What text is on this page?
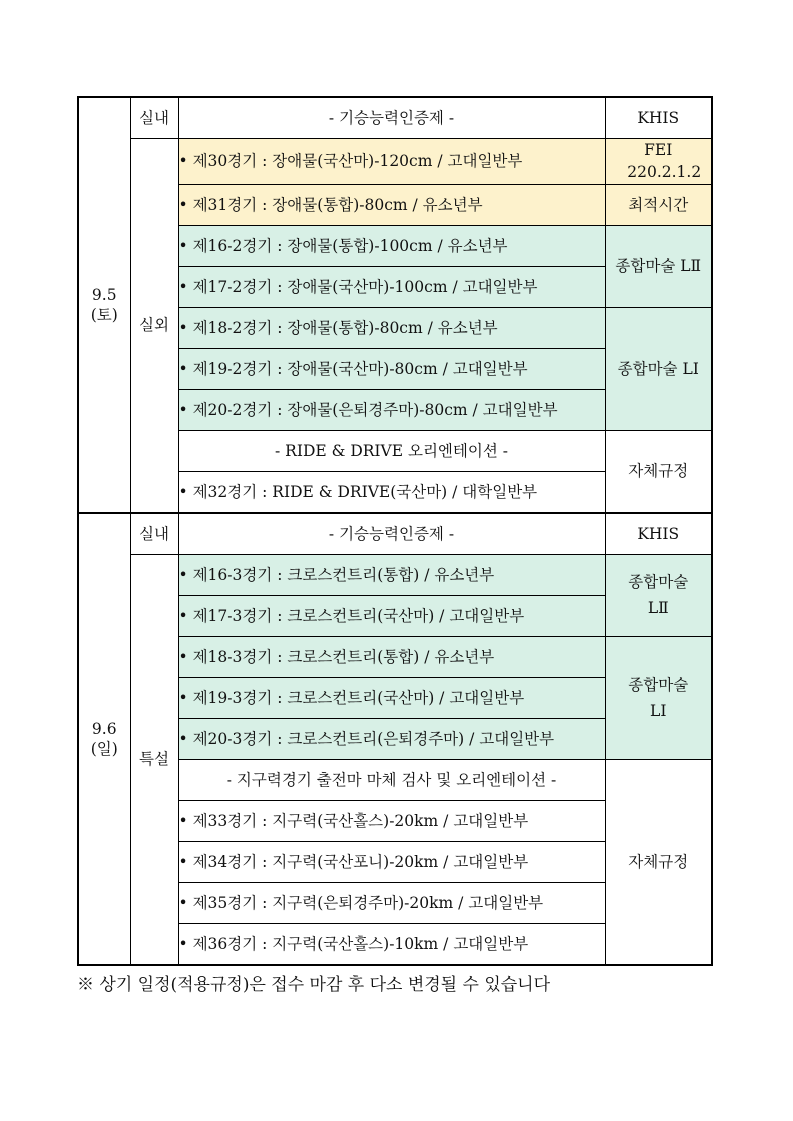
9.5
(토)	실내	- 기승능력인증제 -	KHIS
	실외	• 제30경기 : 장애물(국산마)-120cm / 고대일반부	FEI 220.2.1.2

		• 제31경기 : 장애물(통합)-80cm / 유소년부	최적시간
		• 제16-2경기 : 장애물(통합)-100cm / 유소년부	종합마술 LⅡ
		• 제17-2경기 : 장애물(국산마)-100cm / 고대일반부	
		• 제18-2경기 : 장애물(통합)-80cm / 유소년부	종합마술 LⅠ
		• 제19-2경기 : 장애물(국산마)-80cm / 고대일반부	
		• 제20-2경기 : 장애물(은퇴경주마)-80cm / 고대일반부	
		- RIDE & DRIVE 오리엔테이션 -	자체규정
		• 제32경기 : RIDE & DRIVE(국산마) / 대학일반부	

9.6
(일)	실내	- 기승능력인증제 -	KHIS
	특설	• 제16-3경기 : 크로스컨트리(통합) / 유소년부	종합마술 LⅡ

		• 제17-3경기 : 크로스컨트리(국산마) / 고대일반부	
		• 제18-3경기 : 크로스컨트리(통합) / 유소년부	종합마술 LⅠ

		• 제19-3경기 : 크로스컨트리(국산마) / 고대일반부	
		• 제20-3경기 : 크로스컨트리(은퇴경주마) / 고대일반부	
		- 지구력경기 출전마 마체 검사 및 오리엔테이션 -	자체규정
		• 제33경기 : 지구력(국산홀스)-20km / 고대일반부	
		• 제34경기 : 지구력(국산포니)-20km / 고대일반부	
		• 제35경기 : 지구력(은퇴경주마)-20km / 고대일반부	
		• 제36경기 : 지구력(국산홀스)-10km / 고대일반부	
※ 상기 일정(적용규정)은 접수 마감 후 다소 변경될 수 있습니다
